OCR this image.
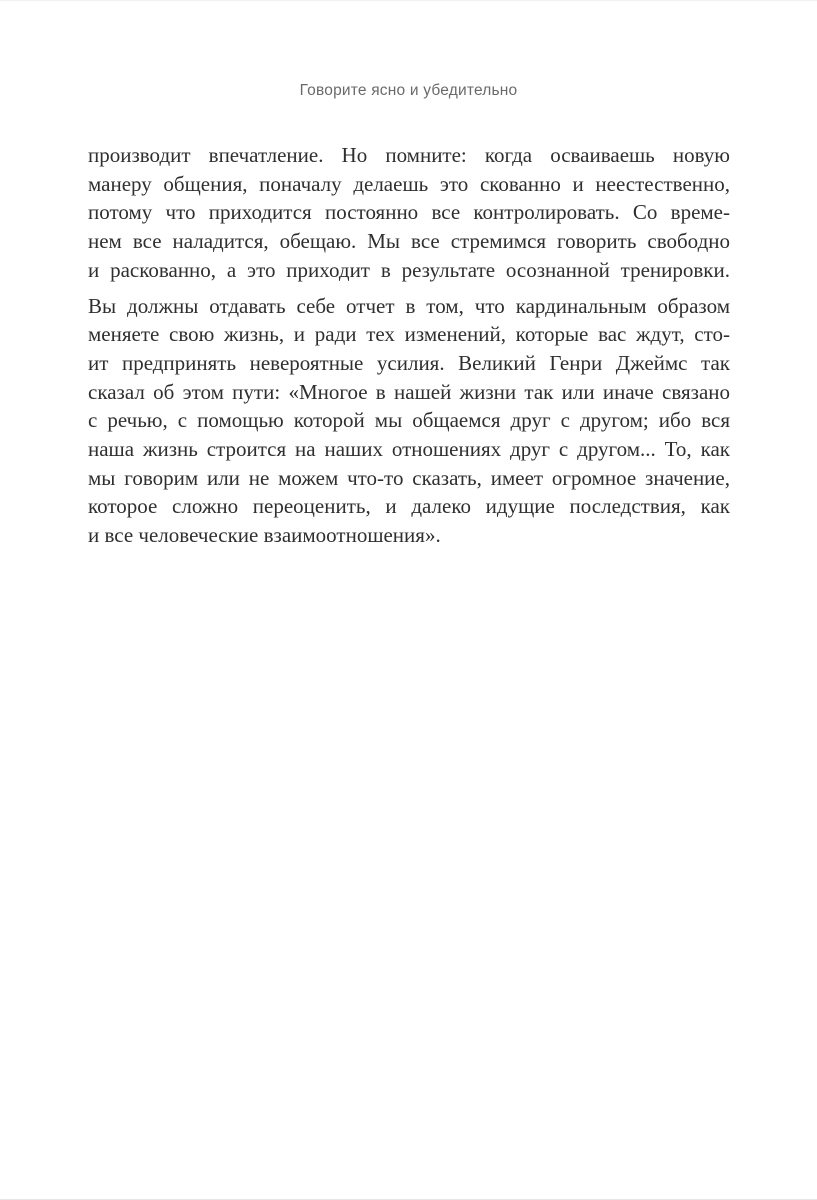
Говорите ясно и убедительно
производит впечатление. Но помните: когда осваиваешь новую
манеру общения, поначалу делаешь это скованно и неестественно,
потому что приходится постоянно все контролировать. Со време-
нем все наладится, обещаю. Мы все стремимся говорить свободно
и раскованно, а это приходит в результате осознанной тренировки.
Вы должны отдавать себе отчет в том, что кардинальным образом
меняете свою жизнь, и ради тех изменений, которые вас ждут, сто-
ит предпринять невероятные усилия. Великий Генри Джеймс так
сказал об этом пути: «Многое в нашей жизни так или иначе связано
с речью, с помощью которой мы общаемся друг с другом; ибо вся
наша жизнь строится на наших отношениях друг с другом... То, как
мы говорим или не можем что-то сказать, имеет огромное значение,
которое сложно переоценить, и далеко идущие последствия, как
и все человеческие взаимоотношения».
